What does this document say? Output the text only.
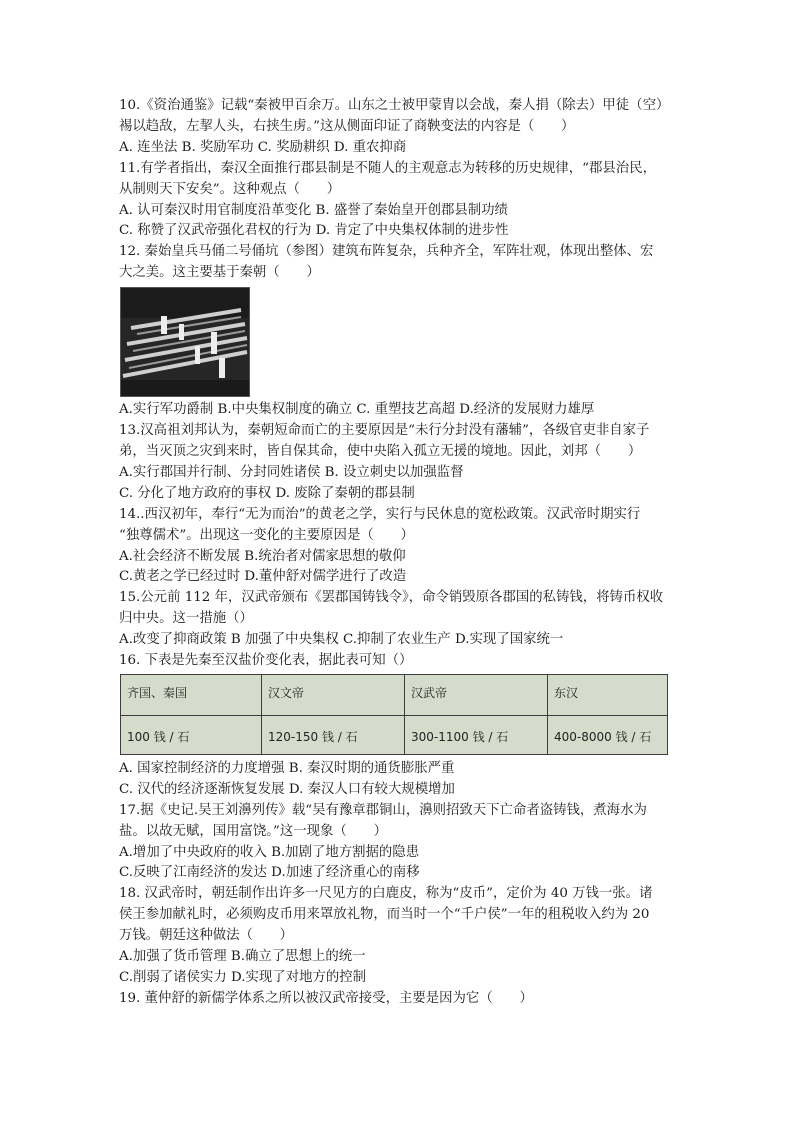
10.《资治通鉴》记载“秦被甲百余万。山东之士被甲蒙胄以会战，秦人捐（除去）甲徒（空）
裼以趋敌，左挈人头，右挟生虏。”这从侧面印证了商鞅变法的内容是（　　）
A. 连坐法 B. 奖励军功 C. 奖励耕织 D. 重农抑商
11.有学者指出，秦汉全面推行郡县制是不随人的主观意志为转移的历史规律，“郡县治民，
从制则天下安矣”。这种观点（　　）
A. 认可秦汉时用官制度沿革变化 B. 盛誉了秦始皇开创郡县制功绩
C. 称赞了汉武帝强化君权的行为 D. 肯定了中央集权体制的进步性
12. 秦始皇兵马俑二号俑坑（参图）建筑布阵复杂，兵种齐全，军阵壮观，体现出整体、宏
大之美。这主要基于秦朝（　　）
A.实行军功爵制 B.中央集权制度的确立 C. 重塑技艺高超 D.经济的发展财力雄厚
13.汉高祖刘邦认为，秦朝短命而亡的主要原因是“未行分封没有藩辅”，各级官吏非自家子
弟，当灭顶之灾到来时，皆自保其命，使中央陷入孤立无援的境地。因此，刘邦（　　）
A.实行郡国并行制、分封同姓诸侯 B. 设立刺史以加强监督
C. 分化了地方政府的事权 D. 废除了秦朝的郡县制
14..西汉初年，奉行“无为而治”的黄老之学，实行与民休息的宽松政策。汉武帝时期实行
“独尊儒术”。出现这一变化的主要原因是（　　）
A.社会经济不断发展 B.统治者对儒家思想的敬仰
C.黄老之学已经过时 D.董仲舒对儒学进行了改造
15.公元前 112 年，汉武帝颁布《罢郡国铸钱令》，命令销毁原各郡国的私铸钱，将铸币权收
归中央。这一措施（）
A.改变了抑商政策 B 加强了中央集权 C.抑制了农业生产 D.实现了国家统一
16. 下表是先秦至汉盐价变化表，据此表可知（）
齐国、秦国	汉文帝	汉武帝	东汉
100 钱 / 石	120-150 钱 / 石	300-1100 钱 / 石	400-8000 钱 / 石
A. 国家控制经济的力度增强 B. 秦汉时期的通货膨胀严重
C. 汉代的经济逐渐恢复发展 D. 秦汉人口有较大规模增加
17.据《史记.吴王刘濞列传》载“吴有豫章郡铜山，濞则招致天下亡命者盗铸钱，煮海水为
盐。以故无赋，国用富饶。”这一现象（　　）
A.增加了中央政府的收入 B.加剧了地方割据的隐患
C.反映了江南经济的发达 D.加速了经济重心的南移
18. 汉武帝时，朝廷制作出许多一尺见方的白鹿皮，称为“皮币”，定价为 40 万钱一张。诸
侯王参加献礼时，必须购皮币用来罩放礼物，而当时一个“千户侯”一年的租税收入约为 20
万钱。朝廷这种做法（　　）
A.加强了货币管理 B.确立了思想上的统一
C.削弱了诸侯实力 D.实现了对地方的控制
19. 董仲舒的新儒学体系之所以被汉武帝接受，主要是因为它（　　）
